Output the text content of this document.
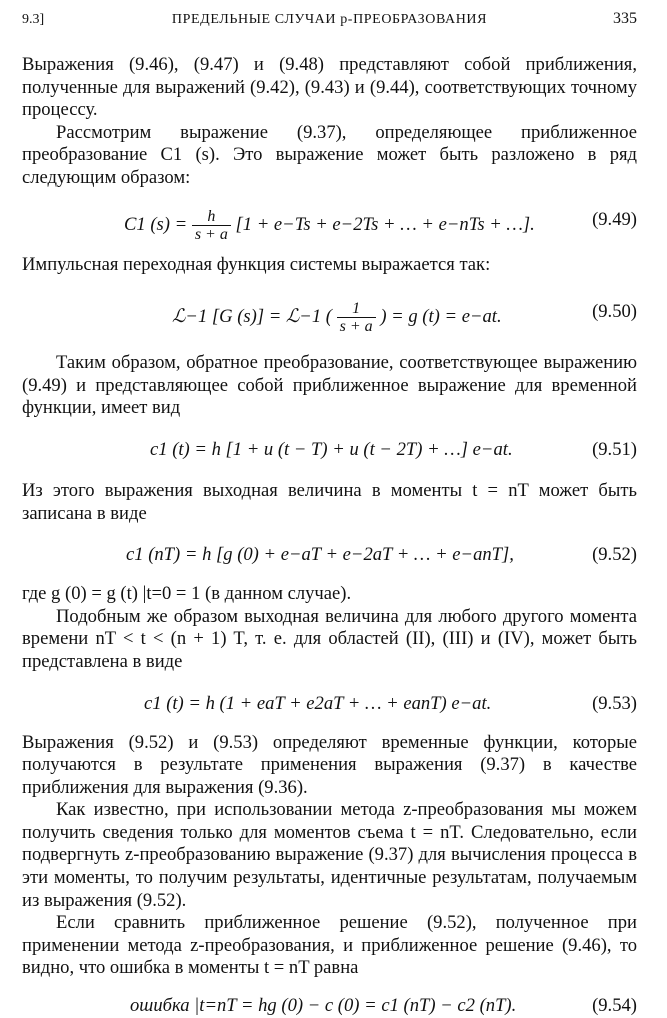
9.3]	ПРЕДЕЛЬНЫЕ СЛУЧАИ p-ПРЕОБРАЗОВАНИЯ	335

Выражения (9.46), (9.47) и (9.48) представляют собой приближения, полученные для выражений (9.42), (9.43) и (9.44), соответствующих точному процессу.

Рассмотрим выражение (9.37), определяющее приближенное преобразование C1 (s). Это выражение может быть разложено в ряд следующим образом:

C1 $(s) = \frac{h}{s + a} [1 + e-Ts + e-2Ts$ + … + e−nTs + …].	(9.49)

Импульсная переходная функция системы выражается так:

ℒ−1 [G (s)] = ℒ−1 ( $\frac{1}{s + a}$ ) = g (t) = e−at.	(9.50)

Таким образом, обратное преобразование, соответствующее выражению (9.49) и представляющее собой приближенное выражение для временной функции, имеет вид

c1 (t) = h [1 + u (t − T) + u (t − 2T) + …] e−at.	(9.51)

Из этого выражения выходная величина в моменты t = nT может быть записана в виде

c1 (nT) = h [g (0) + e−aT + e−2aT + … + e−anT],	(9.52)

где g (0) = g (t) |t=0 = 1 (в данном случае).

Подобным же образом выходная величина для любого другого момента времени nT < t < (n + 1) T, т. е. для областей (II), (III) и (IV), может быть представлена в виде

c1 (t) = h (1 + eaT + e2aT + … + eanT) e−at.	(9.53)

Выражения (9.52) и (9.53) определяют временные функции, которые получаются в результате применения выражения (9.37) в качестве приближения для выражения (9.36).

Как известно, при использовании метода z-преобразования мы можем получить сведения только для моментов съема t = nT. Следовательно, если подвергнуть z-преобразованию выражение (9.37) для вычисления процесса в эти моменты, то получим результаты, идентичные результатам, получаемым из выражения (9.52).

Если сравнить приближенное решение (9.52), полученное при применении метода z-преобразования, и приближенное решение (9.46), то видно, что ошибка в моменты t = nT равна

ошибка |t=nT = hg (0) − c (0) = c1 (nT) − c2 (nT).	(9.54)
